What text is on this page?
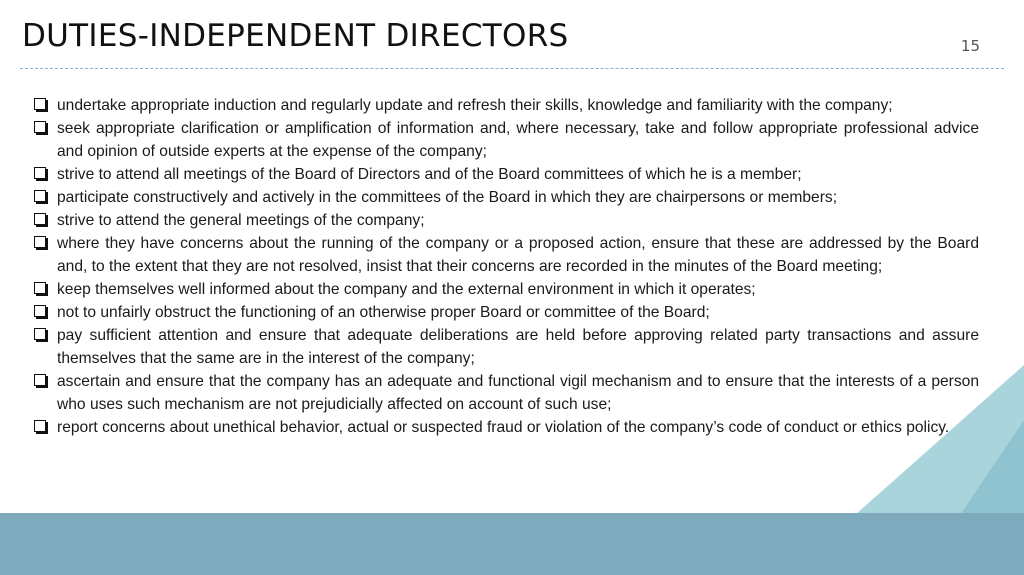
DUTIES-INDEPENDENT DIRECTORS	15
undertake appropriate induction and regularly update and refresh their skills, knowledge and familiarity with the company;
seek appropriate clarification or amplification of information and, where necessary, take and follow appropriate professional advice and opinion of outside experts at the expense of the company;
strive to attend all meetings of the Board of Directors and of the Board committees of which he is a member;
participate constructively and actively in the committees of the Board in which they are chairpersons or members;
strive to attend the general meetings of the company;
where they have concerns about the running of the company or a proposed action, ensure that these are addressed by the Board and, to the extent that they are not resolved, insist that their concerns are recorded in the minutes of the Board meeting;
keep themselves well informed about the company and the external environment in which it operates;
not to unfairly obstruct the functioning of an otherwise proper Board or committee of the Board;
pay sufficient attention and ensure that adequate deliberations are held before approving related party transactions and assure themselves that the same are in the interest of the company;
ascertain and ensure that the company has an adequate and functional vigil mechanism and to ensure that the interests of a person who uses such mechanism are not prejudicially affected on account of such use;
report concerns about unethical behavior, actual or suspected fraud or violation of the company’s code of conduct or ethics policy.
